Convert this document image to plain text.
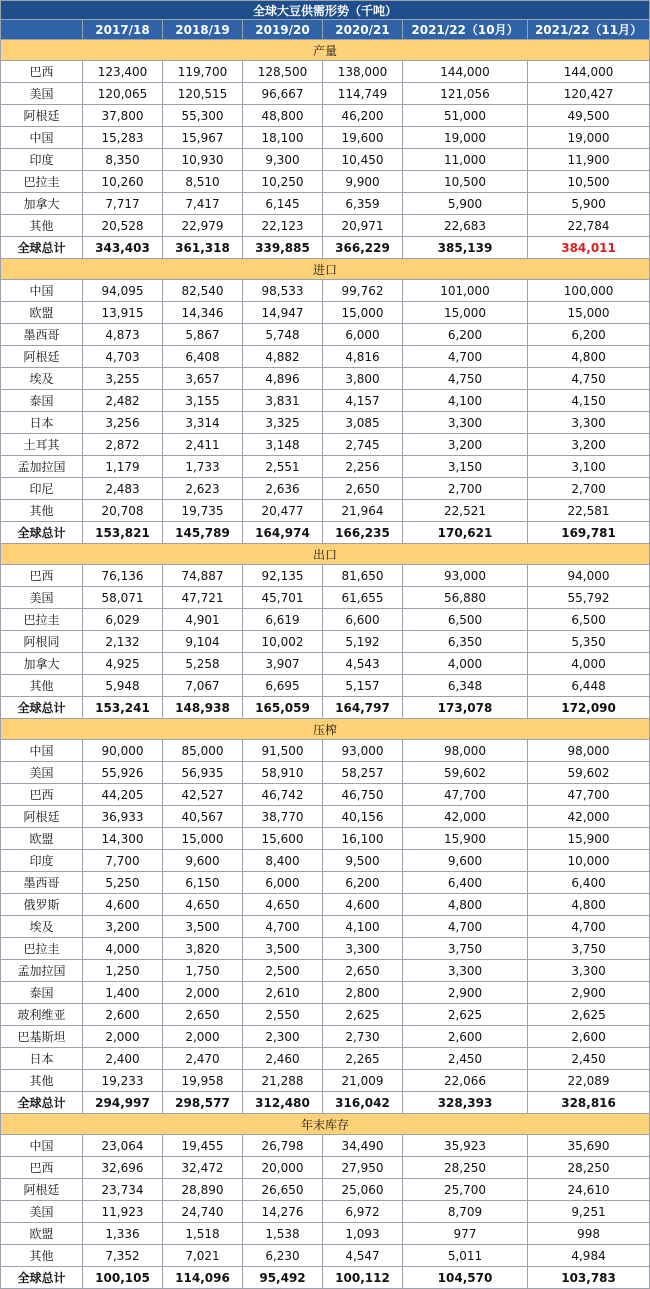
全球大豆供需形势（千吨）						
	2017/18	2018/19	2019/20	2020/21	2021/22（10月）	2021/22（11月）
产量						
巴西	123,400	119,700	128,500	138,000	144,000	144,000
美国	120,065	120,515	96,667	114,749	121,056	120,427
阿根廷	37,800	55,300	48,800	46,200	51,000	49,500
中国	15,283	15,967	18,100	19,600	19,000	19,000
印度	8,350	10,930	9,300	10,450	11,000	11,900
巴拉圭	10,260	8,510	10,250	9,900	10,500	10,500
加拿大	7,717	7,417	6,145	6,359	5,900	5,900
其他	20,528	22,979	22,123	20,971	22,683	22,784
全球总计	343,403	361,318	339,885	366,229	385,139	384,011
进口						
中国	94,095	82,540	98,533	99,762	101,000	100,000
欧盟	13,915	14,346	14,947	15,000	15,000	15,000
墨西哥	4,873	5,867	5,748	6,000	6,200	6,200
阿根廷	4,703	6,408	4,882	4,816	4,700	4,800
埃及	3,255	3,657	4,896	3,800	4,750	4,750
泰国	2,482	3,155	3,831	4,157	4,100	4,150
日本	3,256	3,314	3,325	3,085	3,300	3,300
土耳其	2,872	2,411	3,148	2,745	3,200	3,200
孟加拉国	1,179	1,733	2,551	2,256	3,150	3,100
印尼	2,483	2,623	2,636	2,650	2,700	2,700
其他	20,708	19,735	20,477	21,964	22,521	22,581
全球总计	153,821	145,789	164,974	166,235	170,621	169,781
出口						
巴西	76,136	74,887	92,135	81,650	93,000	94,000
美国	58,071	47,721	45,701	61,655	56,880	55,792
巴拉圭	6,029	4,901	6,619	6,600	6,500	6,500
阿根同	2,132	9,104	10,002	5,192	6,350	5,350
加拿大	4,925	5,258	3,907	4,543	4,000	4,000
其他	5,948	7,067	6,695	5,157	6,348	6,448
全球总计	153,241	148,938	165,059	164,797	173,078	172,090
压榨						
中国	90,000	85,000	91,500	93,000	98,000	98,000
美国	55,926	56,935	58,910	58,257	59,602	59,602
巴西	44,205	42,527	46,742	46,750	47,700	47,700
阿根廷	36,933	40,567	38,770	40,156	42,000	42,000
欧盟	14,300	15,000	15,600	16,100	15,900	15,900
印度	7,700	9,600	8,400	9,500	9,600	10,000
墨西哥	5,250	6,150	6,000	6,200	6,400	6,400
俄罗斯	4,600	4,650	4,650	4,600	4,800	4,800
埃及	3,200	3,500	4,700	4,100	4,700	4,700
巴拉圭	4,000	3,820	3,500	3,300	3,750	3,750
孟加拉国	1,250	1,750	2,500	2,650	3,300	3,300
泰国	1,400	2,000	2,610	2,800	2,900	2,900
玻利维亚	2,600	2,650	2,550	2,625	2,625	2,625
巴基斯坦	2,000	2,000	2,300	2,730	2,600	2,600
日本	2,400	2,470	2,460	2,265	2,450	2,450
其他	19,233	19,958	21,288	21,009	22,066	22,089
全球总计	294,997	298,577	312,480	316,042	328,393	328,816
年末库存						
中国	23,064	19,455	26,798	34,490	35,923	35,690
巴西	32,696	32,472	20,000	27,950	28,250	28,250
阿根廷	23,734	28,890	26,650	25,060	25,700	24,610
美国	11,923	24,740	14,276	6,972	8,709	9,251
欧盟	1,336	1,518	1,538	1,093	977	998
其他	7,352	7,021	6,230	4,547	5,011	4,984
全球总计	100,105	114,096	95,492	100,112	104,570	103,783
